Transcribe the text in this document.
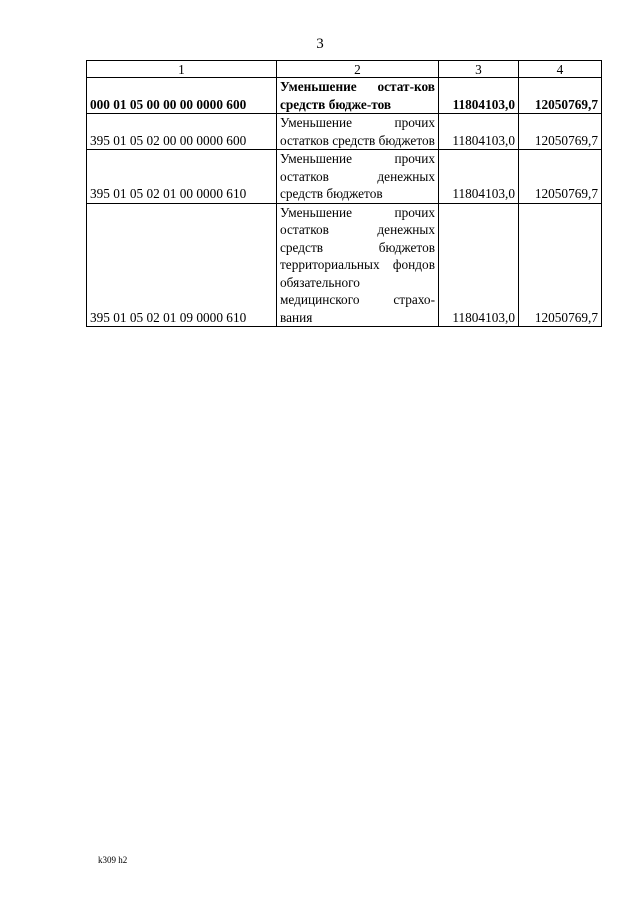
3
1	2	3	4
000 01 05 00 00 00 0000 600	Уменьшение остат-ков средств бюдже-тов	11804103,0	12050769,7
395 01 05 02 00 00 0000 600	Уменьшение прочих остатков средств бюджетов	11804103,0	12050769,7
395 01 05 02 01 00 0000 610	Уменьшение прочих остатков денежных средств бюджетов	11804103,0	12050769,7
395 01 05 02 01 09 0000 610	Уменьшение прочих остатков денежных средств бюджетов территориальных фондов обязательного медицинского страхо-вания	11804103,0	12050769,7
k309 h2
